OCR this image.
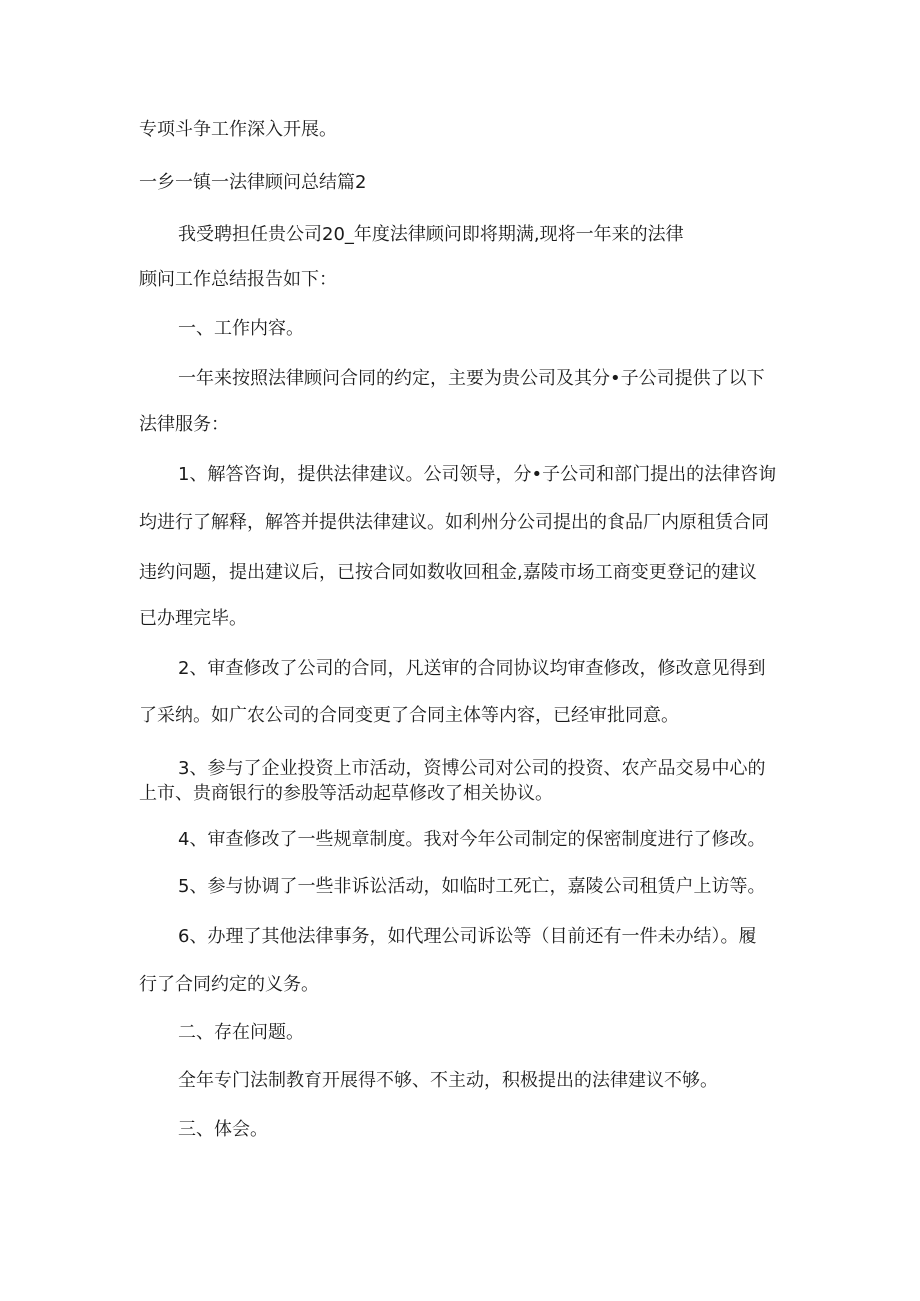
专项斗争工作深入开展。

一乡一镇一法律顾问总结篇2

我受聘担任贵公司20_年度法律顾问即将期满,现将一年来的法律

顾问工作总结报告如下：

一、工作内容。

一年来按照法律顾问合同的约定，主要为贵公司及其分•子公司提供了以下

法律服务：

1、解答咨询，提供法律建议。公司领导，分•子公司和部门提出的法律咨询

均进行了解释，解答并提供法律建议。如利州分公司提出的食品厂内原租赁合同

违约问题，提出建议后，已按合同如数收回租金,嘉陵市场工商变更登记的建议

已办理完毕。

2、审查修改了公司的合同，凡送审的合同协议均审查修改，修改意见得到

了采纳。如广农公司的合同变更了合同主体等内容，已经审批同意。

3、参与了企业投资上市活动，资博公司对公司的投资、农产品交易中心的

上市、贵商银行的参股等活动起草修改了相关协议。

4、审查修改了一些规章制度。我对今年公司制定的保密制度进行了修改。

5、参与协调了一些非诉讼活动，如临时工死亡，嘉陵公司租赁户上访等。

6、办理了其他法律事务，如代理公司诉讼等（目前还有一件未办结）。履

行了合同约定的义务。

二、存在问题。

全年专门法制教育开展得不够、不主动，积极提出的法律建议不够。

三、体会。
